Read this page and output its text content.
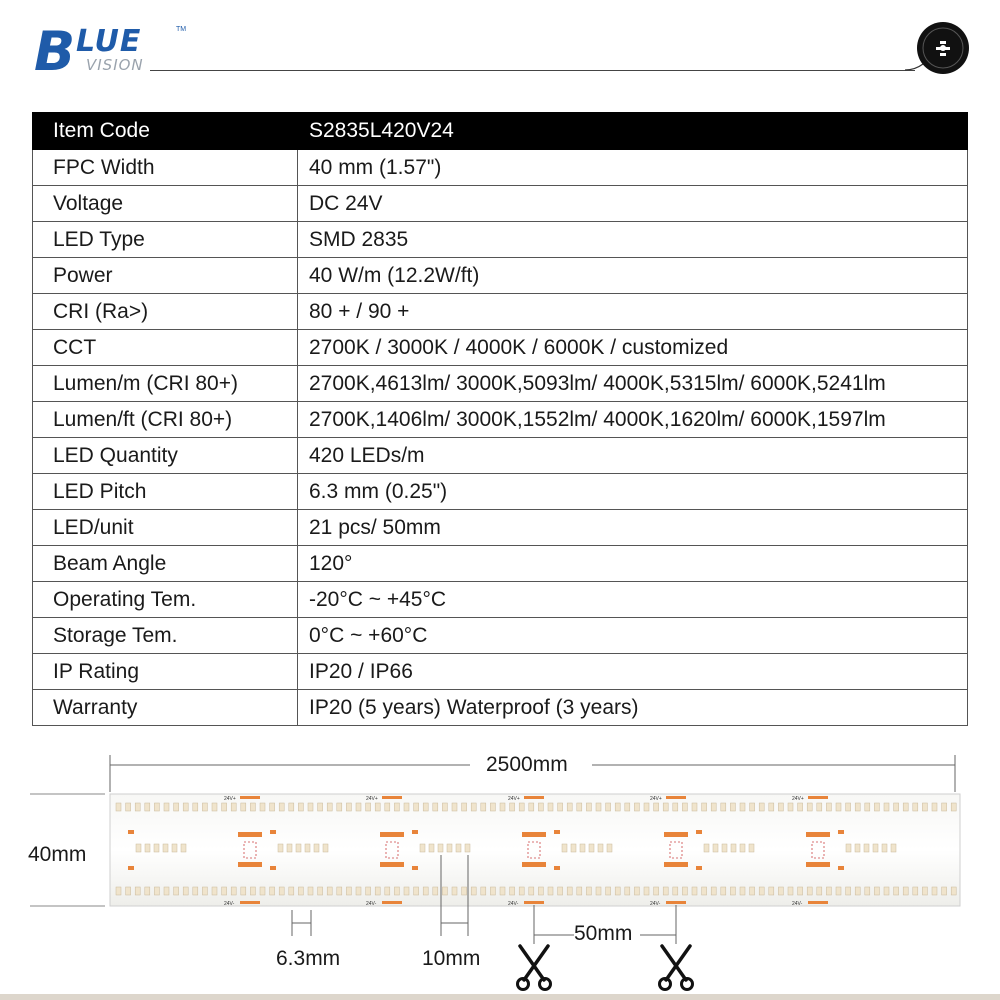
B LUE	TM
VISION
Item Code	S2835L420V24
FPC Width	40 mm (1.57")
Voltage	DC 24V
LED Type	SMD 2835
Power	40 W/m (12.2W/ft)
CRI (Ra>)	80 + / 90 +
CCT	2700K / 3000K / 4000K / 6000K / customized
Lumen/m (CRI 80+)	2700K,4613lm/ 3000K,5093lm/ 4000K,5315lm/ 6000K,5241lm
Lumen/ft (CRI 80+)	2700K,1406lm/ 3000K,1552lm/ 4000K,1620lm/ 6000K,1597lm
LED Quantity	420 LEDs/m
LED Pitch	6.3 mm (0.25")
LED/unit	21 pcs/ 50mm
Beam Angle	120°
Operating Tem.	-20°C ~ +45°C
Storage Tem.	0°C ~ +60°C
IP Rating	IP20 / IP66
Warranty	IP20 (5 years) Waterproof (3 years)
24V+
24V-
24V+
24V-
24V+
24V-
24V+
24V-
24V+
24V-
2500mm
40mm
6.3mm	10mm
50mm
